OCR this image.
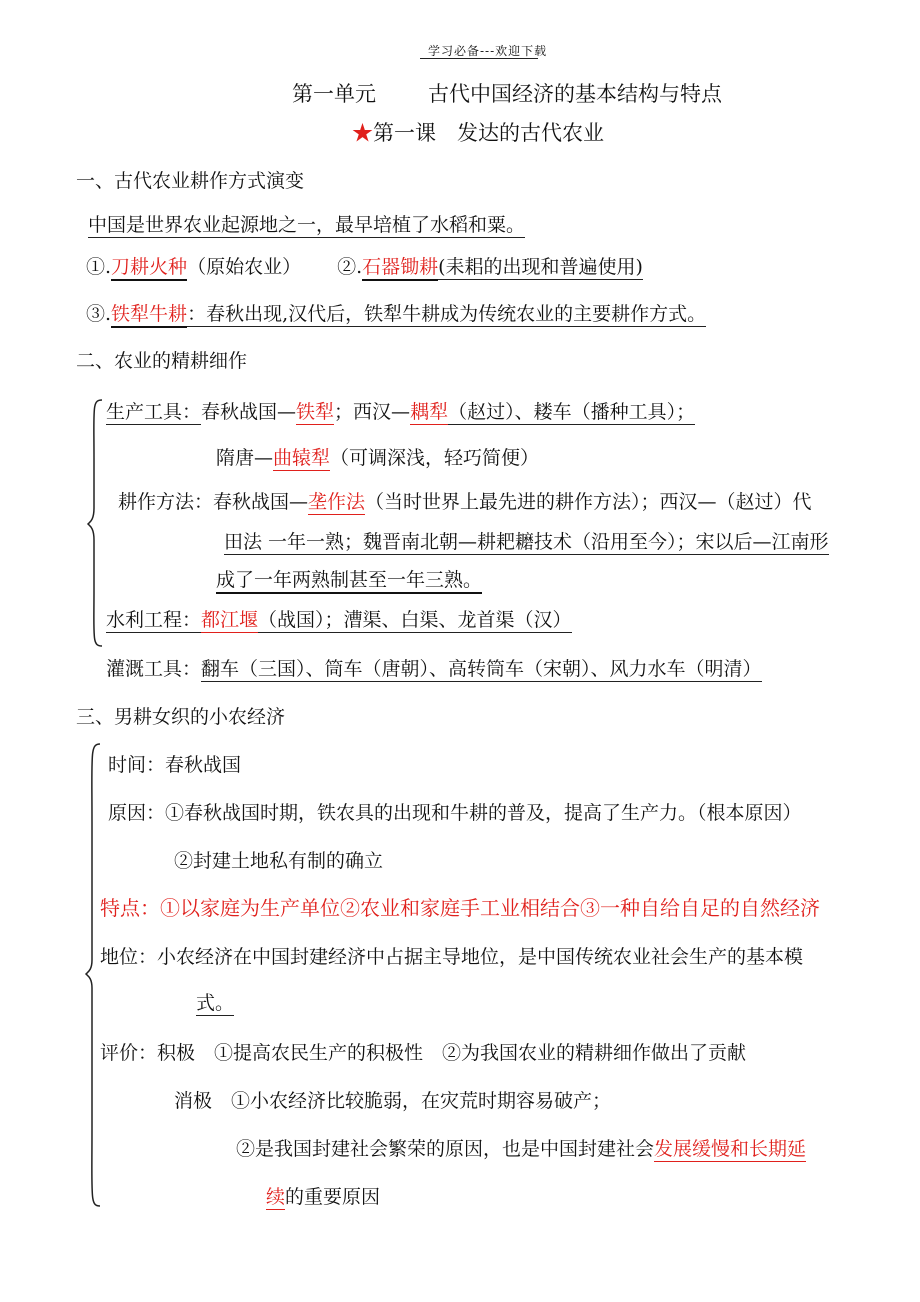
学习必备---欢迎下载
第一单元 古代中国经济的基本结构与特点
★第一课　发达的古代农业
一、古代农业耕作方式演变
中国是世界农业起源地之一，最早培植了水稻和粟。
①.刀耕火种（原始农业） ②.石器锄耕(耒耜的出现和普遍使用)
③.铁犁牛耕：春秋出现,汉代后，铁犁牛耕成为传统农业的主要耕作方式。
二、农业的精耕细作
生产工具：春秋战国—铁犁；西汉—耦犁（赵过）、耧车（播种工具）；
隋唐—曲辕犁（可调深浅，轻巧简便）
耕作方法：春秋战国—垄作法（当时世界上最先进的耕作方法）；西汉—（赵过）代
田法 一年一熟；魏晋南北朝—耕耙耱技术（沿用至今）；宋以后—江南形
成了一年两熟制甚至一年三熟。
水利工程：都江堰（战国）；漕渠、白渠、龙首渠（汉）
灌溉工具：翻车（三国）、筒车（唐朝）、高转筒车（宋朝）、风力水车（明清）
三、男耕女织的小农经济
时间：春秋战国
原因：①春秋战国时期，铁农具的出现和牛耕的普及，提高了生产力。（根本原因）
②封建土地私有制的确立
特点：①以家庭为生产单位②农业和家庭手工业相结合③一种自给自足的自然经济
地位：小农经济在中国封建经济中占据主导地位，是中国传统农业社会生产的基本模
式。
评价：积极　①提高农民生产的积极性　②为我国农业的精耕细作做出了贡献
消极　①小农经济比较脆弱，在灾荒时期容易破产；
②是我国封建社会繁荣的原因，也是中国封建社会发展缓慢和长期延
续的重要原因
